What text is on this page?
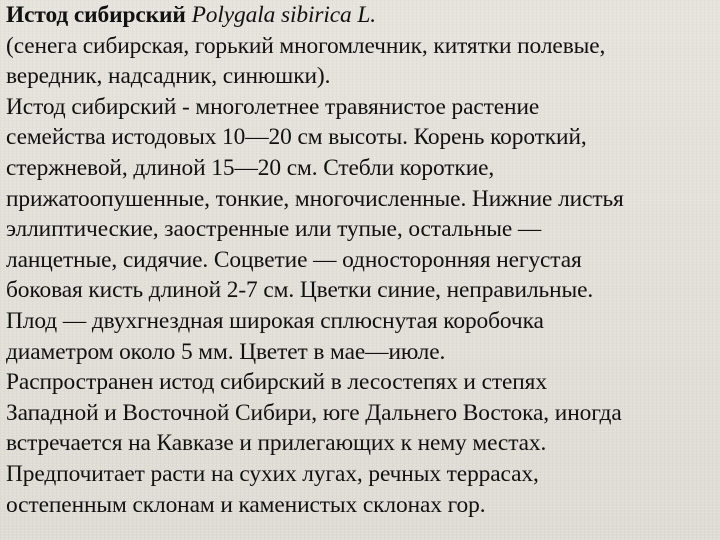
Истод сибирский Polygala sibirica L.
(сенега сибирская, горький многомлечник, китятки полевые,
вередник, надсадник, синюшки).
Истод сибирский - многолетнее травянистое растение
семейства истодовых 10—20 см высоты. Корень короткий,
стержневой, длиной 15—20 см. Стебли короткие,
прижатоопушенные, тонкие, многочисленные. Нижние листья
эллиптические, заостренные или тупые, остальные —
ланцетные, сидячие. Соцветие — односторонняя негустая
боковая кисть длиной 2-7 см. Цветки синие, неправильные.
Плод — двухгнездная широкая сплюснутая коробочка
диаметром около 5 мм. Цветет в мае—июле.
Распространен истод сибирский в лесостепях и степях
Западной и Восточной Сибири, юге Дальнего Востока, иногда
встречается на Кавказе и прилегающих к нему местах.
Предпочитает расти на сухих лугах, речных террасах,
остепенным склонам и каменистых склонах гор.
